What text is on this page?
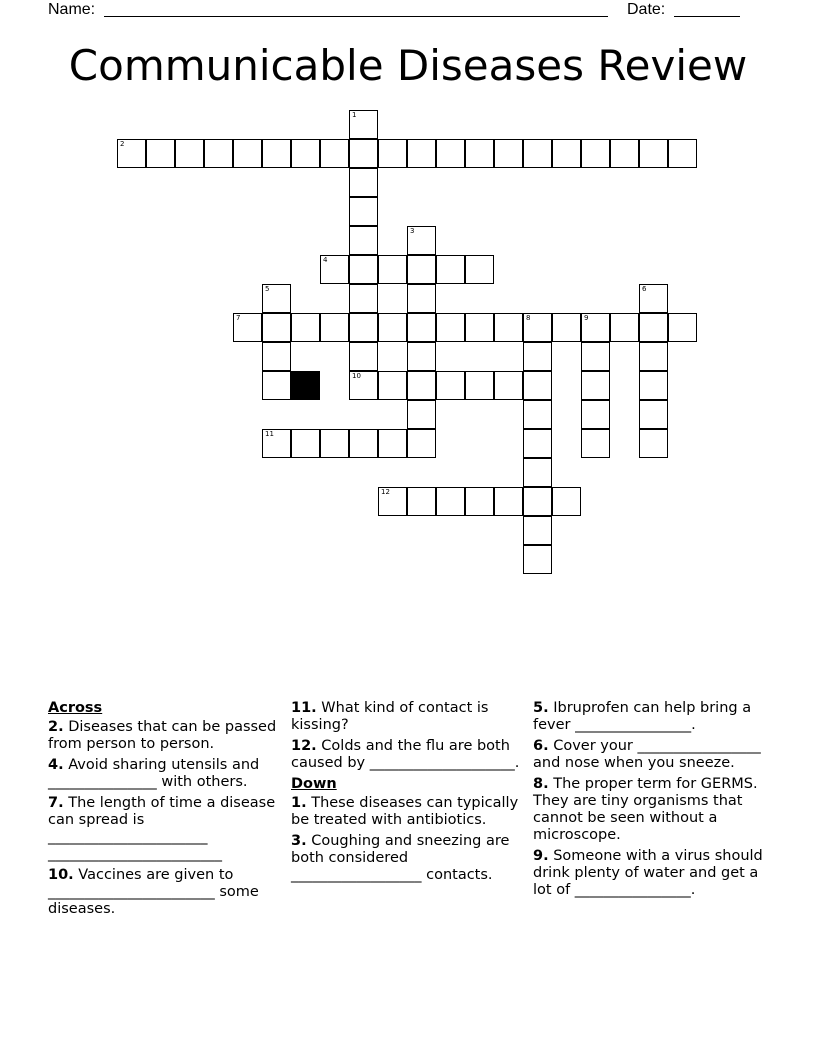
Name:	Date:
Communicable Diseases Review
1
2
3
4
5	6
7	8	9
10
11
12
Across

2. Diseases that can be passed from person to person.

4. Avoid sharing utensils and _______________ with others.

7. The length of time a disease can spread is ______________________ ________________________

10. Vaccines are given to _______________________ some diseases.

11. What kind of contact is kissing?

12. Colds and the flu are both caused by ____________________.

Down

1. These diseases can typically be treated with antibiotics.

3. Coughing and sneezing are both considered __________________ contacts.

5. Ibruprofen can help bring a fever ________________.

6. Cover your _________________ and nose when you sneeze.

8. The proper term for GERMS. They are tiny organisms that cannot be seen without a microscope.

9. Someone with a virus should drink plenty of water and get a lot of ________________.
